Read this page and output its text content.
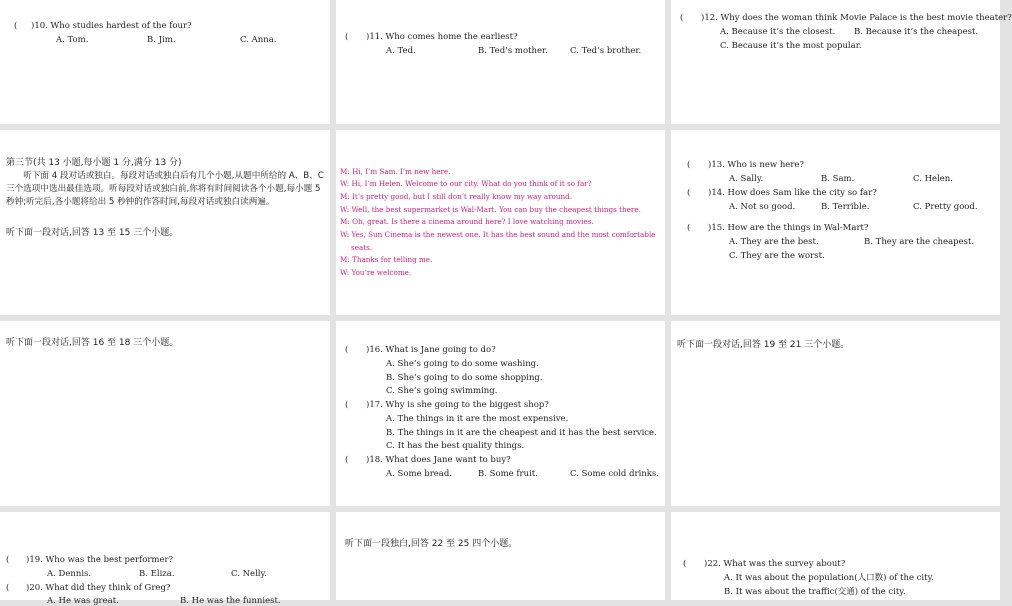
( )10. Who studies hardest of the four?
A. Tom.	B. Jim.	C. Anna.	( )11. Who comes home the earliest?
A. Ted.	B. Ted’s mother.	C. Ted’s brother.
( )12. Why does the woman think Movie Palace is the best movie theater?
A. Because it’s the closest. B. Because it’s the cheapest.
C. Because it’s the most popular.
第三节(共 13 小题,每小题 1 分,满分 13 分)
听下面 4 段对话或独白。每段对话或独白后有几个小题,从题中所给的 A、B、C 三个选项中选出最佳选项。听每段对话或独白前,你将有时间阅读各个小题,每小题 5 秒钟;听完后,各小题将给出 5 秒钟的作答时间,每段对话或独白读两遍。
听下面一段对话,回答 13 至 15 三个小题。
M: Hi, I’m Sam. I’m new here.
W: Hi, I’m Helen. Welcome to our city. What do you think of it so far?
M: It’s pretty good, but I still don’t really know my way around.
W: Well, the best supermarket is Wal-Mart. You can buy the cheapest things there.
M: Oh, great. Is there a cinema around here? I love watching movies.
W: Yes, Sun Cinema is the newest one. It has the best sound and the most comfortable
seats.
M: Thanks for telling me.
W: You’re welcome.
( )13. Who is new here?
A. Sally.	B. Sam.	C. Helen.
( )14. How does Sam like the city so far?
A. Not so good.	B. Terrible.	C. Pretty good.
( )15. How are the things in Wal-Mart?
A. They are the best.	B. They are the cheapest.
C. They are the worst.
听下面一段对话,回答 16 至 18 三个小题。
( )16. What is Jane going to do?
A. She’s going to do some washing.
B. She’s going to do some shopping.
C. She’s going swimming.
( )17. Why is she going to the biggest shop?
A. The things in it are the most expensive.
B. The things in it are the cheapest and it has the best service.
C. It has the best quality things.
( )18. What does Jane want to buy?
A. Some bread.	B. Some fruit.	C. Some cold drinks.
听下面一段对话,回答 19 至 21 三个小题。
( )19. Who was the best performer?
A. Dennis.	B. Eliza.	C. Nelly.
( )20. What did they think of Greg?
A. He was great.	B. He was the funniest.
听下面一段独白,回答 22 至 25 四个小题。
( )22. What was the survey about?
A. It was about the population(人口数) of the city.
B. It was about the traffic(交通) of the city.
